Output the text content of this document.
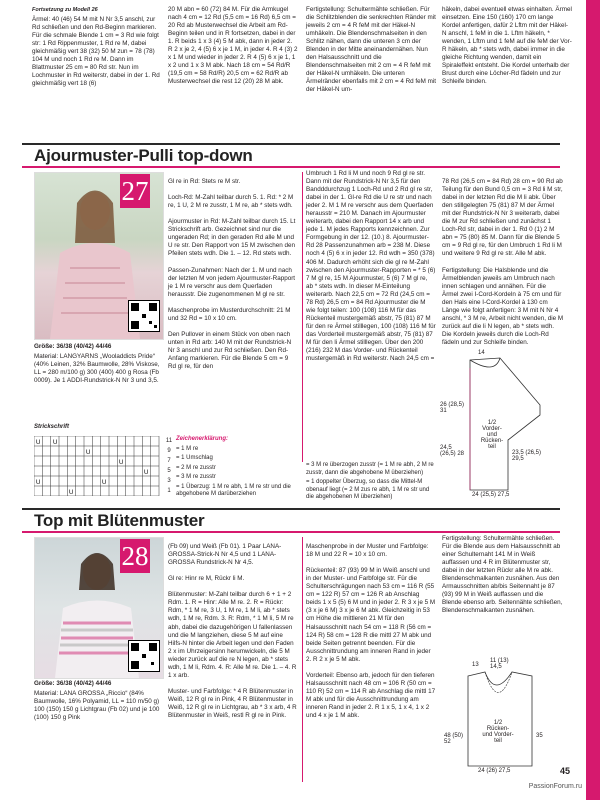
Fortsetzung zu Modell 26

Ärmel: 40 (46) 54 M mit N Nr 3,5 anschl, zur Rd schließen und den Rd-Beginn markieren. Für die schmale Blende 1 cm = 3 Rd wie folgt str: 1 Rd Rippenmuster, 1 Rd re M, dabei gleichmäßig vert 38 (32) 50 M zun = 78 (78) 104 M und noch 1 Rd re M. Dann im Blattmuster 25 cm = 80 Rd str. Nun im Lochmuster in Rd weiterstr, dabei in der 1. Rd gleichmäßig vert 18 (6)

20 M abn = 60 (72) 84 M. Für die Armkugel nach 4 cm = 12 Rd (5,5 cm = 16 Rd) 6,5 cm = 20 Rd ab Musterwechsel die Arbeit am Rd-Beginn teilen und in R fortsetzen, dabei in der 1. R beids 1 x 3 (4) 5 M abk, dann in jeder 2. R 2 x je 2, 4 (5) 6 x je 1 M, in jeder 4. R 4 (3) 2 x 1 M und wieder in jeder 2. R 4 (5) 6 x je 1, 1 x 2 und 1 x 3 M abk. Nach 18 cm = 54 Rd/R (19,5 cm = 58 Rd/R) 20,5 cm = 62 Rd/R ab Musterwechsel die rest 12 (20) 28 M abk.

Fertigstellung: Schultermähte schließen. Für die Schlitzblenden die senkrechten Ränder mit jeweils 2 cm = 4 R feM mit der Häkel-N umhäkeln. Die Blendenschmalseiten in den Schlitz nähen, dann die unteren 3 cm der Blenden in der Mitte aneinandernähen. Nun den Halsausschnitt und die Blendenschmalseiten mit 2 cm = 4 R feM mit der Häkel-N umhäkeln. Die unteren Ärmelränder ebenfalls mit 2 cm = 4 Rd feM mit der Häkel-N um-

häkeln, dabei eventuell etwas einhalten. Ärmel einsetzen. Eine 150 (160) 170 cm lange Kordel anfertigen, dafür 2 Lftm mit der Häkel-N anschl, 1 feM in die 1. Lftm häkeln, * wenden, 1 Lftm und 1 feM auf die feM der Vor-R häkeln, ab * stets wdh, dabei immer in die gleiche Richtung wenden, damit ein Spiraleffekt entsteht. Die Kordel unterhalb der Brust durch eine Löcher-Rd fädeln und zur Schleife binden.

Ajourmuster-Pulli top-down
27

Größe: 36/38 (40/42) 44/46

Material: LANGYARNS „Wooladdicts Pride“ (40% Leinen, 32% Baumwolle, 28% Viskose, LL = 280 m/100 g) 300 (400) 400 g Rosa (Fb 0009). Je 1 ADDI-Rundstrick-N Nr 3 und 3,5.

Strickschrift
U U
U
U
U
U
U
U
11
9
7
5
3
1

Zeichenerklärung:

= 1 M re

= 1 Umschlag

= 2 M re zusstr

= 3 M re zusstr

= 1 Überzug: 1 M re abh, 1 M re str und die abgehobene M darüberziehen

= 3 M re überzogen zusstr (= 1 M re abh, 2 M re zusstr, dann die abgehobene M überziehen)

= 1 doppelter Überzug, so dass die Mittel-M obenauf liegt (= 2 M zus re abh, 1 M re str und die abgehobenen M überziehen)

Gl re in Rd: Stets re M str.

Loch-Rd: M-Zahl teilbar durch 5. 1. Rd: * 2 M re, 1 U, 2 M re zusstr, 1 M re, ab * stets wdh.

Ajourmuster in Rd: M-Zahl teilbar durch 15. Lt Strickschrift arb. Gezeichnet sind nur die ungeraden Rd; in den geraden Rd alle M und U re str. Den Rapport von 15 M zwischen den Pfeilen stets wdh. Die 1. – 12. Rd stets wdh.

Passen-Zunahmen: Nach der 1. M und nach der letzten M von jedem Ajourmuster-Rapport je 1 M re verschr aus dem Querfaden herausstr. Die zugenommenen M gl re str.

Maschenprobe im Musterdurchschnitt: 21 M und 32 Rd = 10 x 10 cm.

Den Pullover in einem Stück von oben nach unten in Rd arb: 140 M mit der Rundstrick-N Nr 3 anschl und zur Rd schließen. Den Rd-Anfang markieren. Für die Blende 5 cm = 9 Rd gl re, für den

Umbruch 1 Rd li M und noch 9 Rd gl re str. Dann mit der Rundstrick-N Nr 3,5 für den Bandddurchzug 1 Loch-Rd und 2 Rd gl re str, dabei in der 1. Gl-re Rd die U re str und nach jeder 2. M 1 M re verschr aus dem Querfaden herausstr = 210 M. Danach im Ajourmuster weiterarb, dabei den Rapport 14 x arb und jede 1. M jedes Rapports kennzeichnen. Zur Formgebung in der 12. (10.) 8. Ajourmuster-Rd 28 Passenzunahmen arb = 238 M. Diese noch 4 (5) 6 x in jeder 12. Rd wdh = 350 (378) 406 M. Dadurch erhöht sich die gl re M-Zahl zwischen den Ajourmuster-Rapporten = * 5 (6) 7 M gl re, 15 M Ajourmuster, 5 (6) 7 M gl re, ab * stets wdh. In dieser M-Einteilung weiterarb. Nach 22,5 cm = 72 Rd (24,5 cm = 78 Rd) 26,5 cm = 84 Rd Ajourmuster die M wie folgt teilen: 100 (108) 116 M für das Rückenteil mustergemäß abstr, 75 (81) 87 M für den re Ärmel stilllegen, 100 (108) 116 M für das Vorderteil mustergemäß abstr, 75 (81) 87 M für den li Ärmel stilllegen. Über den 200 (216) 232 M das Vorder- und Rückenteil mustergemäß in Rd weiterstr. Nach 24,5 cm =

78 Rd (26,5 cm = 84 Rd) 28 cm = 90 Rd ab Teilung für den Bund 0,5 cm = 3 Rd li M str, dabei in der letzten Rd die M li abk. Über den stillgelegten 75 (81) 87 M der Ärmel mit der Rundstrick-N Nr 3 weiterarb, dabei die M zur Rd schließen und zunächst 1 Loch-Rd str, dabei in der 1. Rd 0 (1) 2 M abn = 75 (80) 85 M. Dann für die Blende 5 cm = 9 Rd gl re, für den Umbruch 1 Rd li M und weitere 9 Rd gl re str. Alle M abk.

Fertigstellung: Die Halsblende und die Ärmelblenden jeweils am Umbruch nach innen schlagen und annähen. Für die Ärmel zwei I-Cord-Kordeln à 75 cm und für den Hals eine I-Cord-Kordel à 130 cm Länge wie folgt anfertigen: 3 M mit N Nr 4 anschl, * 3 M re, Arbeit nicht wenden, die M zurück auf die li N legen, ab * stets wdh. Die Kordeln jeweils durch die Loch-Rd fädeln und zur Schleife binden.

14
26 (28,5) 31
1/2 Vorder- und Rücken-teil
24,5 (26,5) 28	23,5 (26,5) 29,5
24 (25,5) 27,5
Top mit Blütenmuster
28

Größe: 36/38 (40/42) 44/46

Material: LANA GROSSA „Riccio“ (84% Baumwolle, 16% Polyamid, LL = 110 m/50 g) 100 (150) 150 g Lichtgrau (Fb 02) und je 100 (100) 150 g Pink

(Fb 09) und Weiß (Fb 01). 1 Paar LANA-GROSSA-Strick-N Nr 4,5 und 1 LANA-GROSSA Rundstrick-N Nr 4,5.

Gl re: Hinr re M, Rückr li M.

Blütenmuster: M-Zahl teilbar durch 6 + 1 + 2 Rdm. 1. R = Hinr: Alle M re. 2. R = Rückr: Rdm, * 1 M re, 3 U, 1 M re, 1 M li, ab * stets wdh, 1 M re, Rdm. 3. R: Rdm, * 1 M li, 5 M re abh, dabei die dazugehörigen U fallenlassen und die M langziehen, diese 5 M auf eine Hilfs-N hinter die Arbeit legen und den Faden 2 x im Uhrzeigersinn herumwickeln, die 5 M wieder zurück auf die re N legen, ab * stets wdh, 1 M li, Rdm. 4. R: Alle M re. Die 1. – 4. R 1 x arb.

Muster- und Farbfolge: * 4 R Blütenmuster in Weiß, 12 R gl re in Pink, 4 R Blütenmuster in Weiß, 12 R gl re in Lichtgrau, ab * 3 x arb, 4 R Blütenmuster in Weiß, restl R gl re in Pink.

Maschenprobe in der Muster und Farbfolge: 18 M und 22 R = 10 x 10 cm.

Rückenteil: 87 (93) 99 M in Weiß anschl und in der Muster- und Farbfolge str. Für die Schulterschrägungen nach 53 cm = 116 R (55 cm = 122 R) 57 cm = 126 R ab Anschlag beids 1 x 5 (5) 6 M und in jeder 2. R 3 x je 5 M (3 x je 6 M) 3 x je 6 M abk. Gleichzeitig in 53 cm Höhe die mittleren 21 M für den Halsausschnitt nach 54 cm = 118 R (56 cm = 124 R) 58 cm = 128 R die mittl 27 M abk und beide Seiten getrennt beenden. Für die Ausschnittrundung am inneren Rand in jeder 2. R 2 x je 5 M abk.

Vorderteil: Ebenso arb, jedoch für den tieferen Halsausschnitt nach 48 cm = 106 R (50 cm = 110 R) 52 cm = 114 R ab Anschlag die mittl 17 M abk und für die Ausschnittrundung am inneren Rand in jeder 2. R 1 x 5, 1 x 4, 1 x 2 und 4 x je 1 M abk.

Fertigstellung: Schultermähte schließen. Für die Blende aus dem Halsausschnitt ab einer Schulternaht 141 M in Weiß auffassen und 4 R im Blütenmuster str, dabei in der letzten Rückr alle M re abk. Blendenschmalkanten zusnähen. Aus den Armausschnitten ab/bis Seitennaht je 87 (93) 99 M in Weiß auffassen und die Blende ebenso arb. Seitennähte schließen, Blendenschmalkanten zusnähen.

13
11 (13) 14,5
1/2 Rücken- und Vorder-teil
48 (50) 52
35
24 (26) 27,5	45
PassionForum.ru
